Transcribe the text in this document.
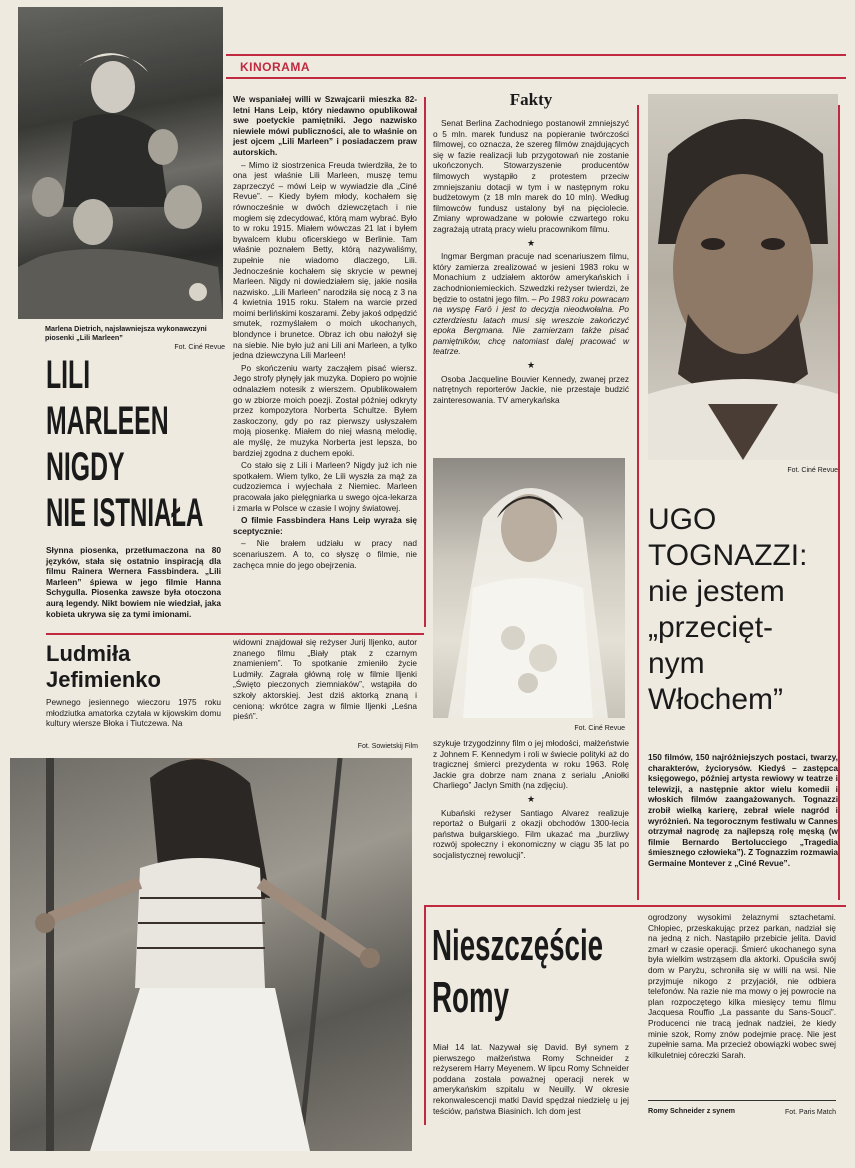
Marlena Dietrich, najsławniejsza wykonawczyni piosenki „Lili Marleen”
Fot. Ciné Revue
LILI
MARLEEN
NIGDY
NIE ISTNIAŁA
Słynna piosenka, przetłumaczona na 80 języków, stała się ostatnio inspiracją dla filmu Rainera Wernera Fassbindera. „Lili Marleen” śpiewa w jego filmie Hanna Schygulla. Piosenka zawsze była otoczona aurą legendy. Nikt bowiem nie wiedział, jaka kobieta ukrywa się za tymi imionami.
KINORAMA

We wspaniałej willi w Szwajcarii mieszka 82-letni Hans Leip, który niedawno opublikował swe poetyckie pamiętniki. Jego nazwisko niewiele mówi publiczności, ale to właśnie on jest ojcem „Lili Marleen” i posiadaczem praw autorskich.

– Mimo iż siostrzenica Freuda twierdziła, że to ona jest właśnie Lili Marleen, muszę temu zaprzeczyć – mówi Leip w wywiadzie dla „Ciné Revue”. – Kiedy byłem młody, kochałem się równocześnie w dwóch dziewczętach i nie mogłem się zdecydować, którą mam wybrać. Było to w roku 1915. Miałem wówczas 21 lat i byłem bywalcem klubu oficerskiego w Berlinie. Tam właśnie poznałem Betty, którą nazywaliśmy, zupełnie nie wiadomo dlaczego, Lili. Jednocześnie kochałem się skrycie w pewnej Marleen. Nigdy ni dowiedziałem się, jakie nosiła nazwisko. „Lili Marleen” narodziła się nocą z 3 na 4 kwietnia 1915 roku. Stałem na warcie przed moimi berlińskimi koszarami. Żeby jakoś odpędzić smutek, rozmyślałem o moich ukochanych, blondynce i brunetce. Obraz ich obu nałożył się na siebie. Nie było już ani Lili ani Marleen, a tylko jedna dziewczyna Lili Marleen!

Po skończeniu warty zacząłem pisać wiersz. Jego strofy płynęły jak muzyka. Dopiero po wojnie odnalazłem notesik z wierszem. Opublikowałem go w zbiorze moich poezji. Został później odkryty przez kompozytora Norberta Schultze. Byłem zaskoczony, gdy po raz pierwszy usłyszałem moją piosenkę. Miałem do niej własną melodię, ale myślę, że muzyka Norberta jest lepsza, bo bardziej zgodna z duchem epoki.

Co stało się z Lili i Marleen? Nigdy już ich nie spotkałem. Wiem tylko, że Lili wyszła za mąż za cudzoziemca i wyjechała z Niemiec. Marleen pracowała jako pielęgniarka u swego ojca-lekarza i zmarła w Polsce w czasie I wojny światowej.

O filmie Fassbindera Hans Leip wyraża się sceptycznie:

– Nie brałem udziału w pracy nad scenariuszem. A to, co słyszę o filmie, nie zachęca mnie do jego obejrzenia.

Fakty

Senat Berlina Zachodniego postanowił zmniejszyć o 5 mln. marek fundusz na popieranie twórczości filmowej, co oznacza, że szereg filmów znajdujących się w fazie realizacji lub przygotowań nie zostanie ukończonych. Stowarzyszenie producentów filmowych wystąpiło z protestem przeciw zmniejszaniu dotacji w tym i w następnym roku budżetowym (z 18 mln marek do 10 mln). Według filmowców fundusz ustalony był na pięciolecie. Zmiany wprowadzane w połowie czwartego roku zagrażają utratą pracy wielu pracownikom filmu.

★

Ingmar Bergman pracuje nad scenariuszem filmu, który zamierza zrealizować w jesieni 1983 roku w Monachium z udziałem aktorów amerykańskich i zachodnioniemieckich. Szwedzki reżyser twierdzi, że będzie to ostatni jego film. – Po 1983 roku powracam na wyspę Farö i jest to decyzja nieodwołalna. Po czterdziestu latach musi się wreszcie zakończyć epoka Bergmana. Nie zamierzam także pisać pamiętników, chcę natomiast dalej pracować w teatrze.

★

Osoba Jacqueline Bouvier Kennedy, zwanej przez natrętnych reporterów Jackie, nie przestaje budzić zainteresowania. TV amerykańska

Fot. Ciné Revue

szykuje trzygodzinny film o jej młodości, małżeństwie z Johnem F. Kennedym i roli w świecie polityki aż do tragicznej śmierci prezydenta w roku 1963. Rolę Jackie gra dobrze nam znana z serialu „Aniołki Charliego” Jaclyn Smith (na zdjęciu).

★

Kubański reżyser Santiago Alvarez realizuje reportaż o Bułgarii z okazji obchodów 1300-lecia państwa bułgarskiego. Film ukazać ma „burzliwy rozwój społeczny i ekonomiczny w ciągu 35 lat po socjalistycznej rewolucji”.

Fot. Ciné Revue
UGO
TOGNAZZI:
nie jestem
„przecięt-
nym
Włochem”
150 filmów, 150 najróżniejszych postaci, twarzy, charakterów, życiorysów. Kiedyś – zastępca księgowego, później artysta rewiowy w teatrze i telewizji, a następnie aktor wielu komedii i włoskich filmów zaangażowanych. Tognazzi zrobił wielką karierę, zebrał wiele nagród i wyróżnień. Na tegorocznym festiwalu w Cannes otrzymał nagrodę za najlepszą rolę męską (w filmie Bernardo Bertolucciego „Tragedia śmiesznego człowieka”). Z Tognazzim rozmawia Germaine Montever z „Ciné Revue”.
Ludmiła
Jefimienko
Pewnego jesiennego wieczoru 1975 roku młodziutka amatorka czytała w kijowskim domu kultury wiersze Błoka i Tiutczewa. Na
widowni znajdował się reżyser Jurij Iljenko, autor znanego filmu „Biały ptak z czarnym znamieniem”. To spotkanie zmieniło życie Ludmiły. Zagrała główną rolę w filmie Iljenki „Święto pieczonych ziemniaków”, wstąpiła do szkoły aktorskiej. Jest dziś aktorką znaną i cenioną: wkrótce zagra w filmie Iljenki „Leśna pieśń”.
Fot. Sowietskij Film
Nieszczęście
Romy
Miał 14 lat. Nazywał się David. Był synem z pierwszego małżeństwa Romy Schneider z reżyserem Harry Meyenem. W lipcu Romy Schneider poddana została poważnej operacji nerek w amerykańskim szpitalu w Neuilly. W okresie rekonwalescencji matki David spędzał niedzielę u jej teściów, państwa Biasinich. Ich dom jest
ogrodzony wysokimi żelaznymi sztachetami. Chłopiec, przeskakując przez parkan, nadział się na jedną z nich. Nastąpiło przebicie jelita. David zmarł w czasie operacji. Śmierć ukochanego syna była wielkim wstrząsem dla aktorki. Opuściła swój dom w Paryżu, schroniła się w willi na wsi. Nie przyjmuje nikogo z przyjaciół, nie odbiera telefonów. Na razie nie ma mowy o jej powrocie na plan rozpoczętego kilka miesięcy temu filmu Jacquesa Rouffio „La passante du Sans-Souci”. Producenci nie tracą jednak nadziei, że kiedy minie szok, Romy znów podejmie pracę. Nie jest zupełnie sama. Ma przecież obowiązki wobec swej kilkuletniej córeczki Sarah.
Romy Schneider z synem	Fot. Paris Match
